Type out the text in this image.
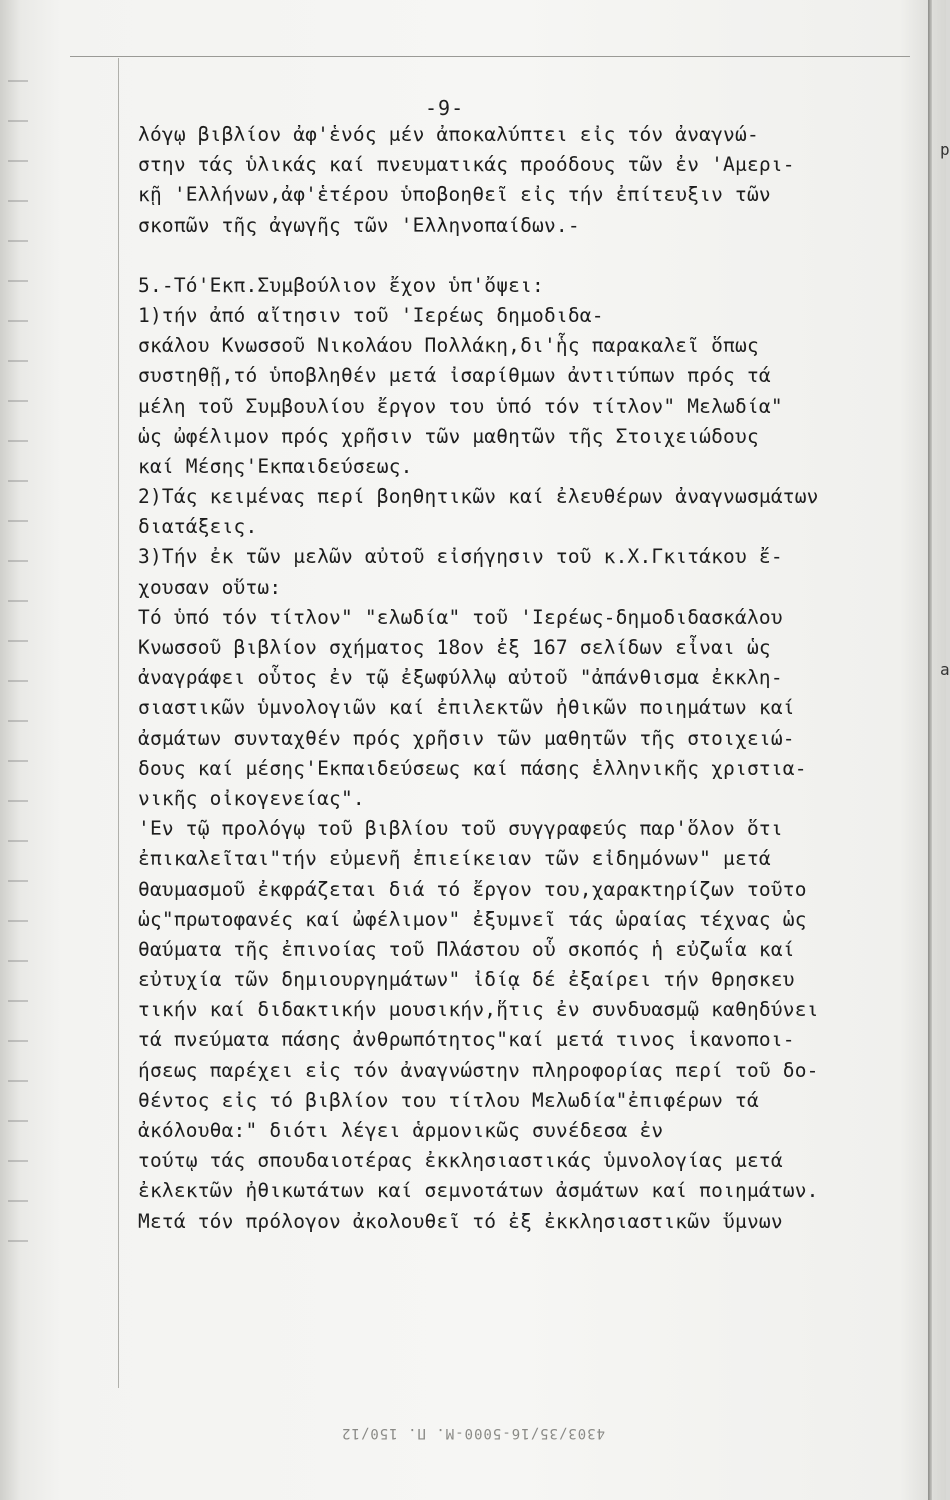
-9-
λόγῳ βιβλίον ἀφ'ἑνός μέν ἀποκαλύπτει εἰς τόν ἀναγνώ-
στην τάς ὑλικάς καί πνευματικάς προόδους τῶν ἐν 'Αμερι-
κῇ 'Ελλήνων,ἀφ'ἑτέρου ὑποβοηθεῖ εἰς τήν ἐπίτευξιν τῶν
σκοπῶν τῆς ἀγωγῆς τῶν 'Ελληνοπαίδων.-
5.-Τό'Εκπ.Συμβούλιον ἔχον ὑπ'ὄψει:
1)τήν ἀπό αἴτησιν τοῦ 'Ιερέως δημοδιδα-
σκάλου Κνωσσοῦ Νικολάου Πολλάκη,δι'ἧς παρακαλεῖ ὅπως
συστηθῇ,τό ὑποβληθέν μετά ἰσαρίθμων ἀντιτύπων πρός τά
μέλη τοῦ Συμβουλίου ἔργον του ὑπό τόν τίτλον" Μελωδία"
ὡς ὠφέλιμον πρός χρῆσιν τῶν μαθητῶν τῆς Στοιχειώδους
καί Μέσης'Εκπαιδεύσεως.
2)Τάς κειμένας περί βοηθητικῶν καί ἐλευθέρων ἀναγνωσμάτων
διατάξεις.
3)Τήν ἐκ τῶν μελῶν αὐτοῦ εἰσήγησιν τοῦ κ.Χ.Γκιτάκου ἔ-
χουσαν οὕτω:
Τό ὑπό τόν τίτλον" "ελωδία" τοῦ 'Ιερέως-δημοδιδασκάλου
Κνωσσοῦ βιβλίον σχήματος 18ον ἐξ 167 σελίδων εἶναι ὡς
ἀναγράφει οὗτος ἐν τῷ ἐξωφύλλῳ αὐτοῦ "ἀπάνθισμα ἐκκλη-
σιαστικῶν ὑμνολογιῶν καί ἐπιλεκτῶν ἠθικῶν ποιημάτων καί
ἀσμάτων συνταχθέν πρός χρῆσιν τῶν μαθητῶν τῆς στοιχειώ-
δους καί μέσης'Εκπαιδεύσεως καί πάσης ἑλληνικῆς χριστια-
νικῆς οἰκογενείας".
'Εν τῷ προλόγῳ τοῦ βιβλίου τοῦ συγγραφεύς παρ'ὅλον ὅτι
ἐπικαλεῖται"τήν εὐμενῆ ἐπιείκειαν τῶν εἰδημόνων" μετά
θαυμασμοῦ ἐκφράζεται διά τό ἔργον του,χαρακτηρίζων τοῦτο
ὡς"πρωτοφανές καί ὠφέλιμον" ἐξυμνεῖ τάς ὡραίας τέχνας ὡς
θαύματα τῆς ἐπινοίας τοῦ Πλάστου οὗ σκοπός ἡ εὐζωΐα καί
εὐτυχία τῶν δημιουργημάτων" ἰδίᾳ δέ ἐξαίρει τήν θρησκευ
τικήν καί διδακτικήν μουσικήν,ἥτις ἐν συνδυασμῷ καθηδύνει
τά πνεύματα πάσης ἀνθρωπότητος"καί μετά τινος ἱκανοποι-
ήσεως παρέχει εἰς τόν ἀναγνώστην πληροφορίας περί τοῦ δο-
θέντος εἰς τό βιβλίον του τίτλου Μελωδία"ἐπιφέρων τά
ἀκόλουθα:" διότι λέγει ἁρμονικῶς συνέδεσα ἐν
τούτῳ τάς σπουδαιοτέρας ἐκκλησιαστικάς ὑμνολογίας μετά
ἐκλεκτῶν ἠθικωτάτων καί σεμνοτάτων ἀσμάτων καί ποιημάτων.
Μετά τόν πρόλογον ἀκολουθεῖ τό ἐξ ἐκκλησιαστικῶν ὕμνων
p
a
4303/35/16-5000-Μ. Π. 150/12
